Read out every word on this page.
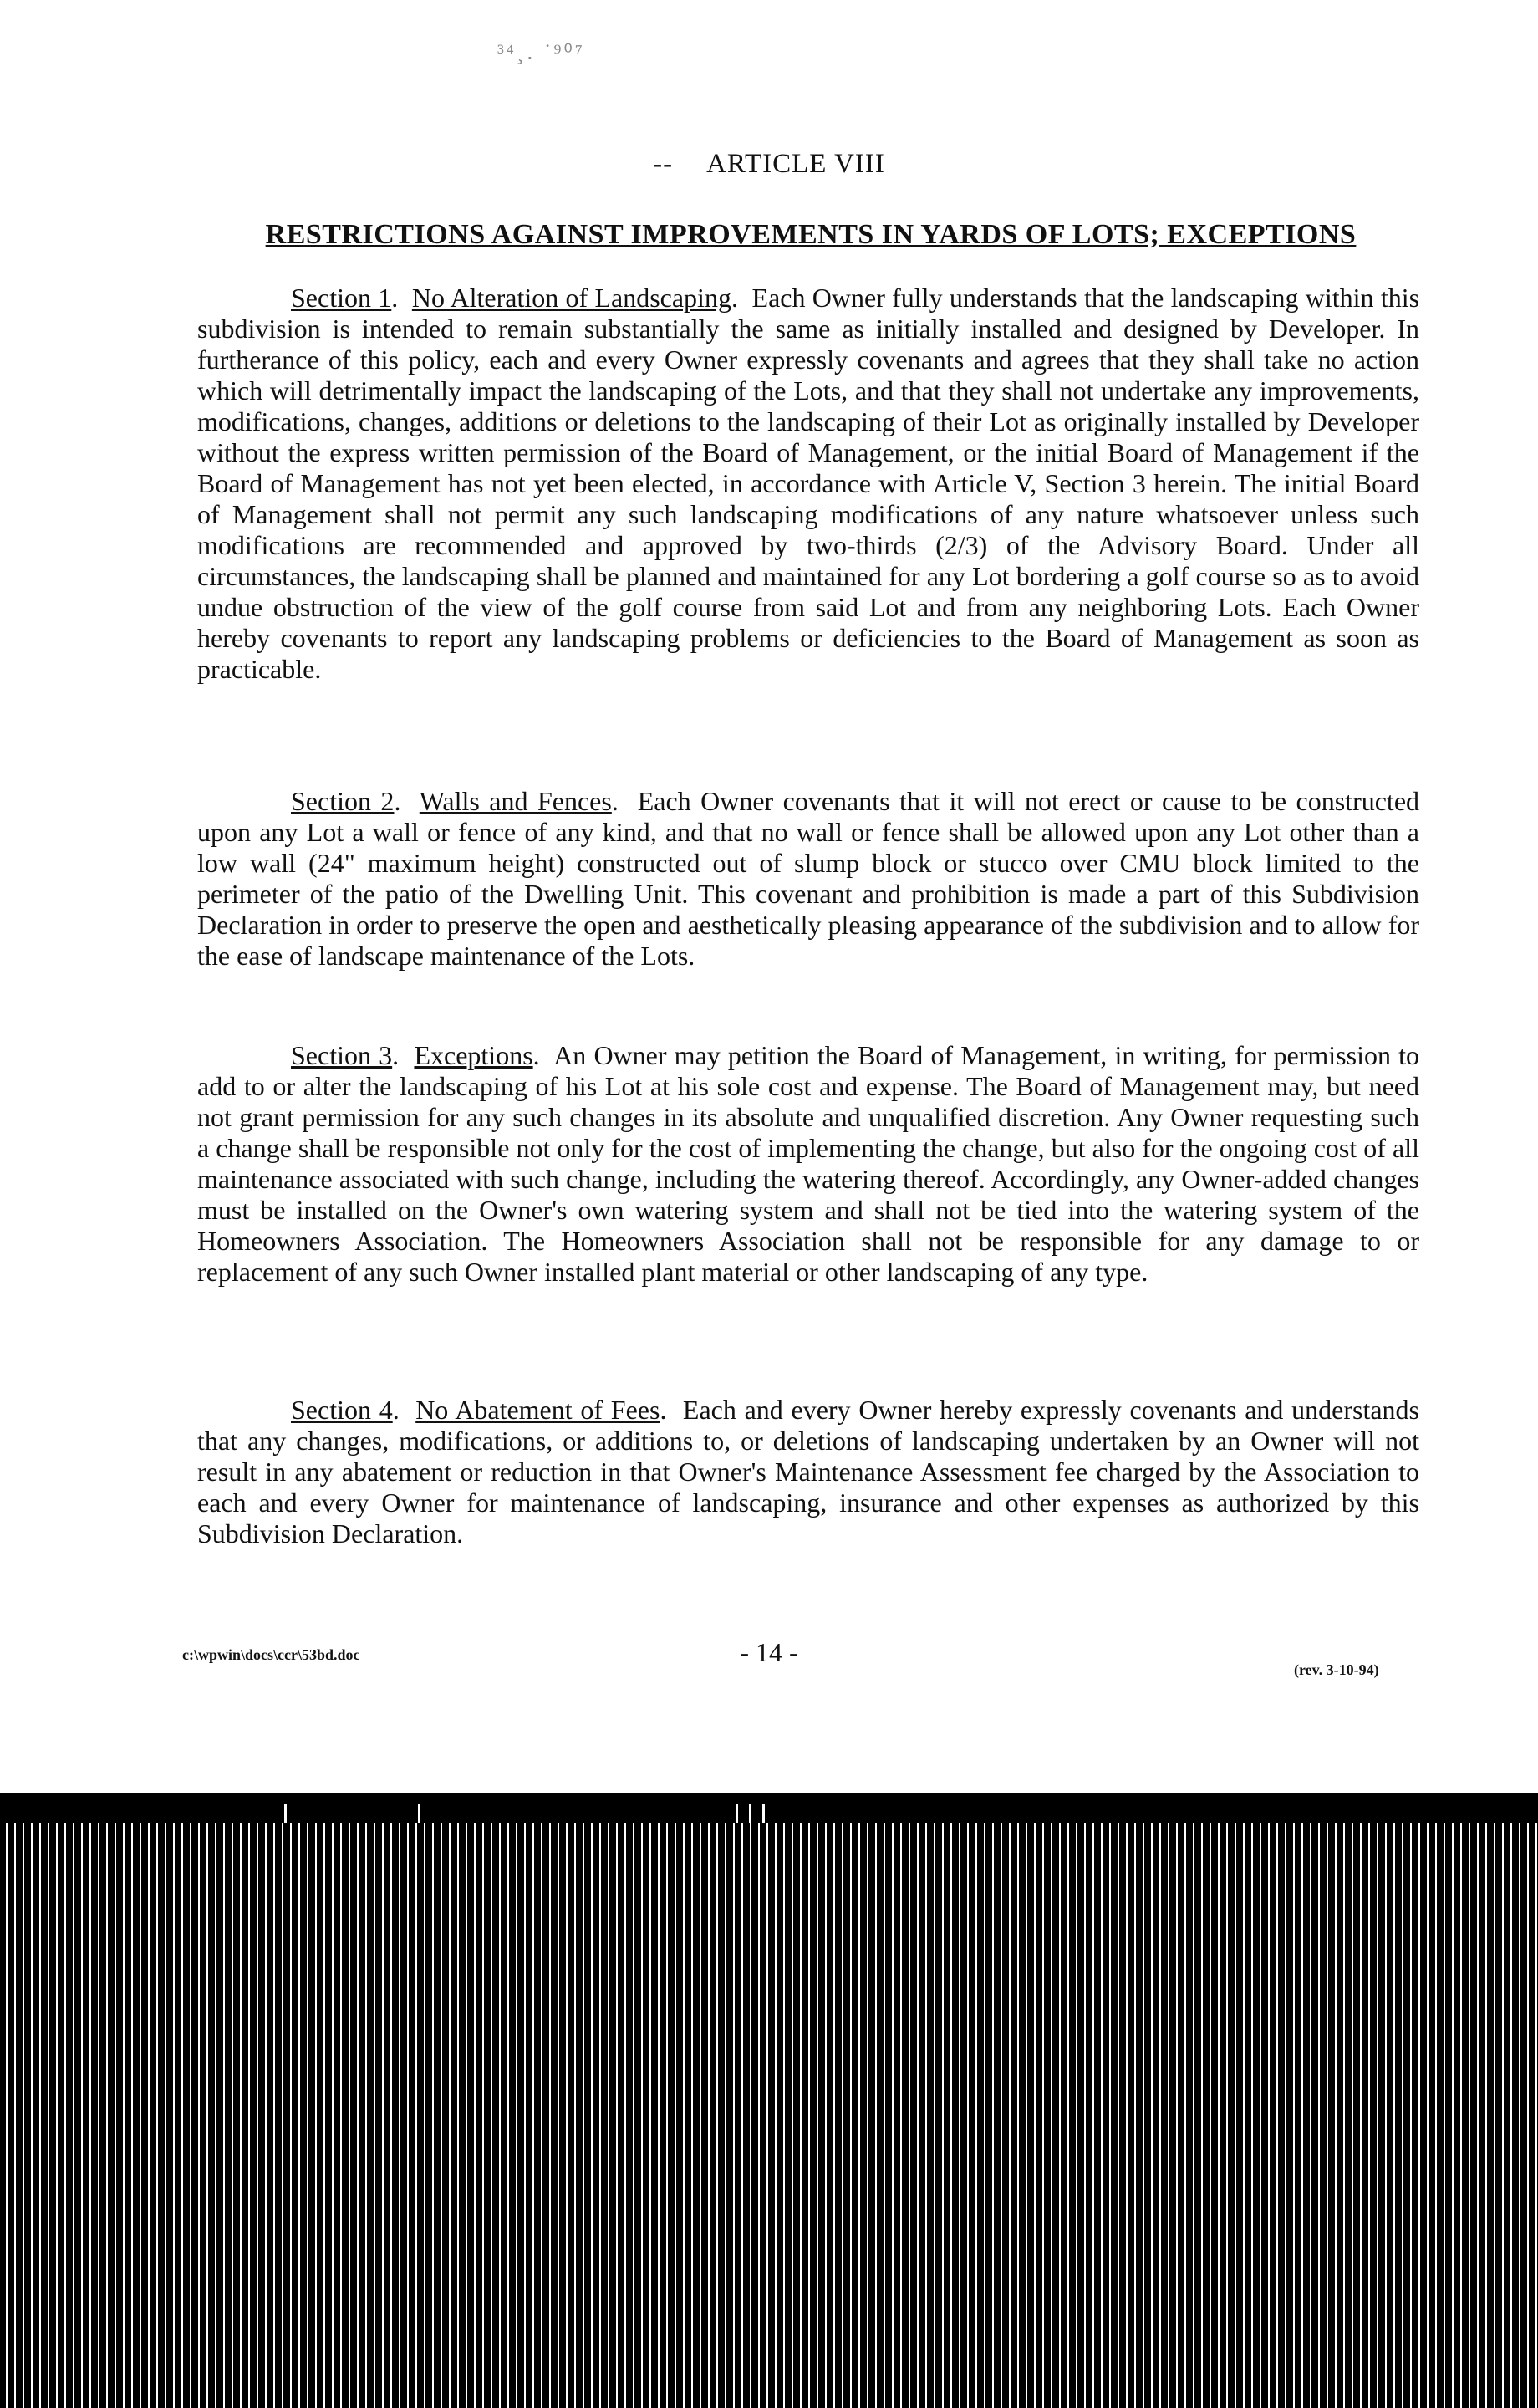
³⁴¸․ ˙⁹⁰⁷
-- ARTICLE VIII
RESTRICTIONS AGAINST IMPROVEMENTS IN YARDS OF LOTS; EXCEPTIONS

Section 1.  No Alteration of Landscaping.  Each Owner fully understands that the landscaping within this subdivision is intended to remain substantially the same as initially installed and designed by Developer. In furtherance of this policy, each and every Owner expressly covenants and agrees that they shall take no action which will detrimentally impact the landscaping of the Lots, and that they shall not undertake any improvements, modifications, changes, additions or deletions to the landscaping of their Lot as originally installed by Developer without the express written permission of the Board of Management, or the initial Board of Management if the Board of Management has not yet been elected, in accordance with Article V, Section 3 herein. The initial Board of Management shall not permit any such landscaping modifications of any nature whatsoever unless such modifications are recommended and approved by two-thirds (2/3) of the Advisory Board. Under all circumstances, the landscaping shall be planned and maintained for any Lot bordering a golf course so as to avoid undue obstruction of the view of the golf course from said Lot and from any neighboring Lots. Each Owner hereby covenants to report any landscaping problems or deficiencies to the Board of Management as soon as practicable.

Section 2.  Walls and Fences.  Each Owner covenants that it will not erect or cause to be constructed upon any Lot a wall or fence of any kind, and that no wall or fence shall be allowed upon any Lot other than a low wall (24" maximum height) constructed out of slump block or stucco over CMU block limited to the perimeter of the patio of the Dwelling Unit. This covenant and prohibition is made a part of this Subdivision Declaration in order to preserve the open and aesthetically pleasing appearance of the subdivision and to allow for the ease of landscape maintenance of the Lots.

Section 3.  Exceptions.  An Owner may petition the Board of Management, in writing, for permission to add to or alter the landscaping of his Lot at his sole cost and expense. The Board of Management may, but need not grant permission for any such changes in its absolute and unqualified discretion. Any Owner requesting such a change shall be responsible not only for the cost of implementing the change, but also for the ongoing cost of all maintenance associated with such change, including the watering thereof. Accordingly, any Owner-added changes must be installed on the Owner's own watering system and shall not be tied into the watering system of the Homeowners Association. The Homeowners Association shall not be responsible for any damage to or replacement of any such Owner installed plant material or other landscaping of any type.

Section 4.  No Abatement of Fees.  Each and every Owner hereby expressly covenants and understands that any changes, modifications, or additions to, or deletions of landscaping undertaken by an Owner will not result in any abatement or reduction in that Owner's Maintenance Assessment fee charged by the Association to each and every Owner for maintenance of landscaping, insurance and other expenses as authorized by this Subdivision Declaration.

c:\wpwin\docs\ccr\53bd.doc	- 14 -
(rev. 3-10-94)
